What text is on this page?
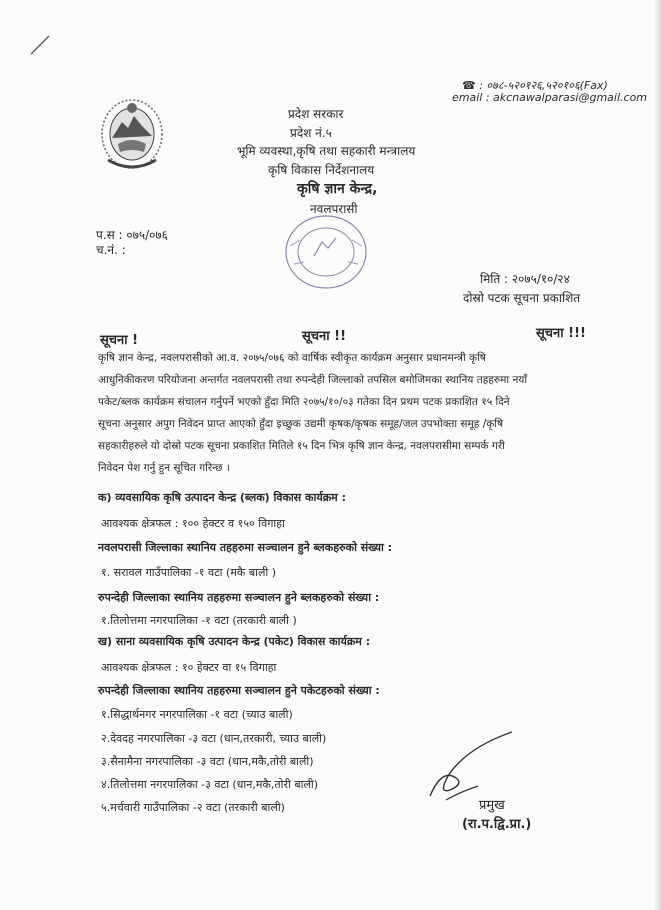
☎ : ०७८-५२०१२६,५२०१०६(Fax)
email : akcnawalparasi@gmail.com
प्रदेश सरकार
प्रदेश नं.५
भूमि व्यवस्था,कृषि तथा सहकारी मन्त्रालय
कृषि विकास निर्देशनालय
कृषि ज्ञान केन्द्र,
नवलपरासी
प.स : ०७५/०७६
च.नं. :
मिति : २०७५/१०/२४
दोस्रो पटक सूचना प्रकाशित
सूचना !	सूचना !!	सूचना !!!
कृषि ज्ञान केन्द्र, नवलपरासीको आ.व. २०७५/०७६ को वार्षिक स्वीकृत कार्यक्रम अनुसार प्रधानमन्त्री कृषि
आधुनिकीकरण परियोजना अन्तर्गत नवलपरासी तथा रुपन्देही जिल्लाको तपसिल बमोजिमका स्थानिय तहहरुमा नयाँ
पकेट/ब्लक कार्यक्रम संचालन गर्नुपर्ने भएको हुँदा मिति २०७५/१०/०३ गतेका दिन प्रथम पटक प्रकाशित १५ दिने
सूचना अनुसार अपुग निवेदन प्राप्त आएको हुँदा इच्छुक उद्यमी कृषक/कृषक समूह/जल उपभोक्ता समूह /कृषि
सहकारीहरुले यो दोस्रो पटक सूचना प्रकाशित मितिले १५ दिन भित्र कृषि ज्ञान केन्द्र, नवलपरासीमा सम्पर्क गरी
निवेदन पेश गर्नु हुन सूचित गरिन्छ ।
क) व्यवसायिक कृषि उत्पादन केन्द्र (ब्लक) विकास कार्यक्रम :
आवश्यक क्षेत्रफल : १०० हेक्टर व १५० विगाहा
नवलपरासी जिल्लाका स्थानिय तहहरुमा सञ्चालन हुने ब्लकहरुको संख्या :
१. सरावल गाउँपालिका -१ वटा (मकै बाली )
रुपन्देही जिल्लाका स्थानिय तहहरुमा सञ्चालन हुने ब्लकहरुको संख्या :
१.तिलोत्तमा नगरपालिका -१ वटा (तरकारी बाली )
ख) साना व्यवसायिक कृषि उत्पादन केन्द्र (पकेट) विकास कार्यक्रम :
आवश्यक क्षेत्रफल : १० हेक्टर वा १५ विगाहा
रुपन्देही जिल्लाका स्थानिय तहहरुमा सञ्चालन हुने पकेटहरुको संख्या :
१.सिद्धार्थनगर नगरपालिका -१ वटा (च्याउ बाली)
२.देवदह नगरपालिका -३ वटा (धान,तरकारी, च्याउ बाली)
३.सैनामैना नगरपालिका -३ वटा (धान,मकै,तोरी बाली)
४.तिलोत्तमा नगरपालिका -३ वटा (धान,मकै,तोरी बाली)
५.मर्चवारी गाउँपालिका -२ वटा (तरकारी बाली)	प्रमुख
(रा.प.द्वि.प्रा.)
